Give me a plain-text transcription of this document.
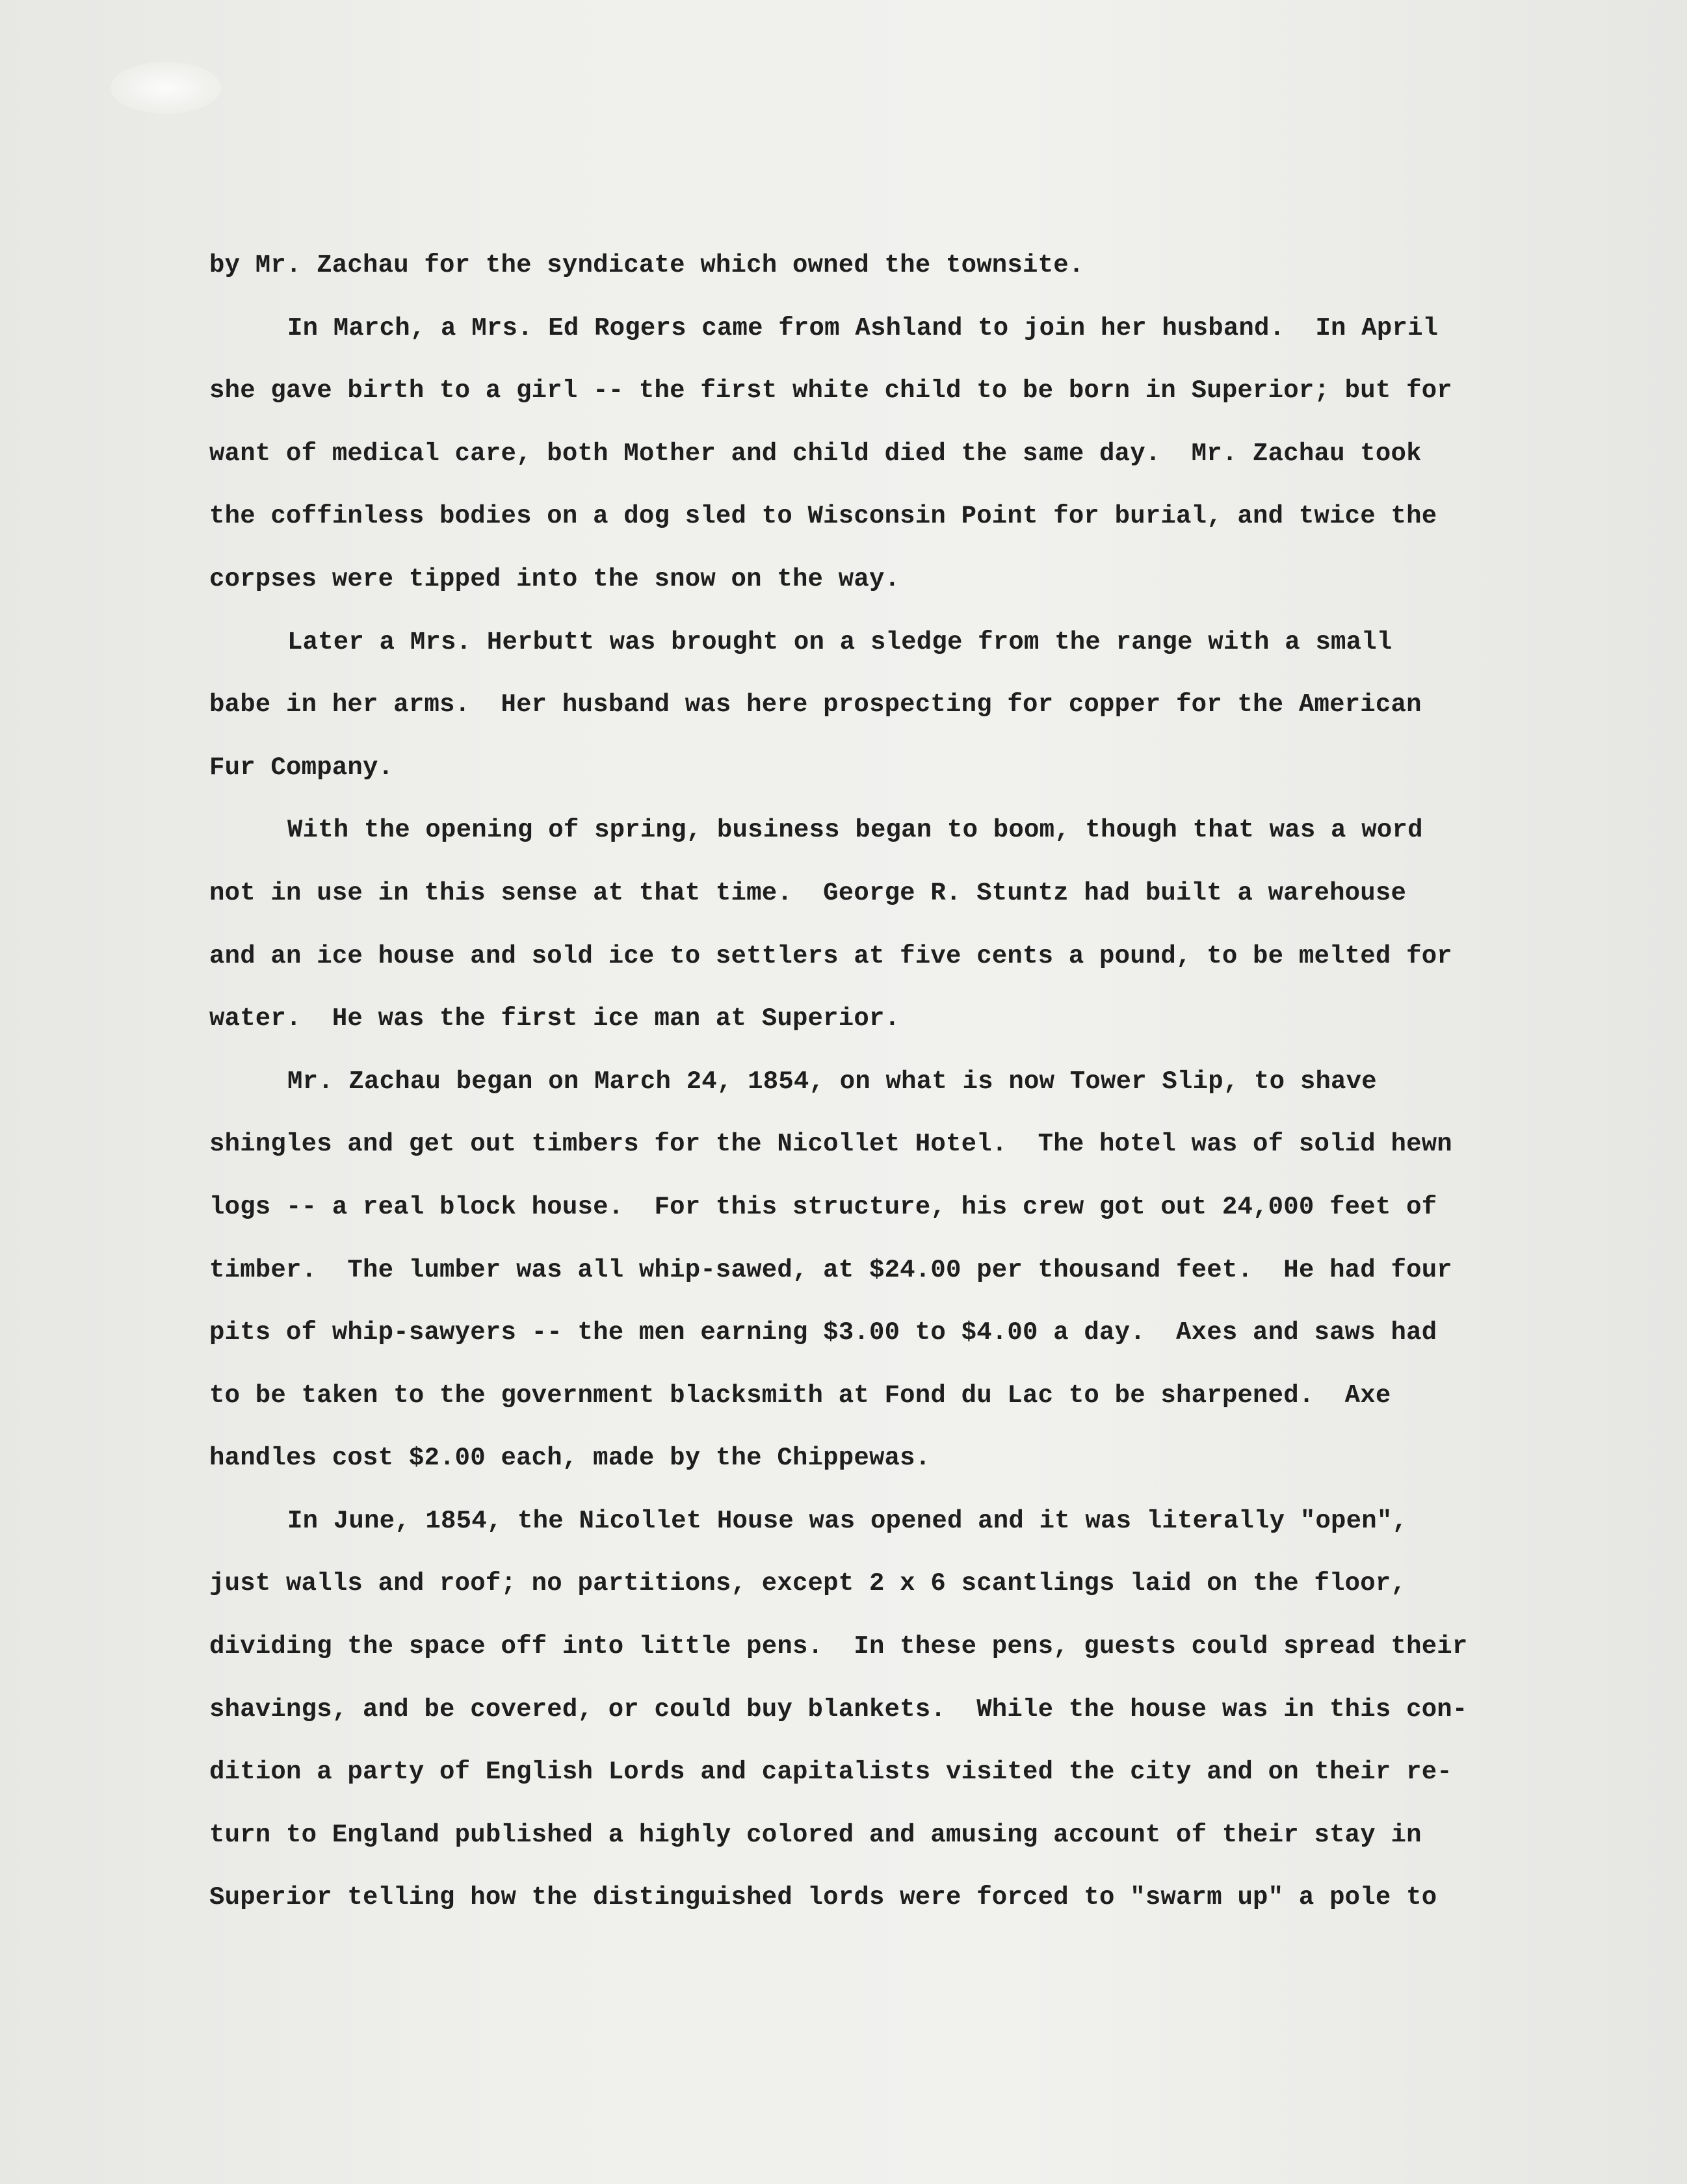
by Mr. Zachau for the syndicate which owned the townsite.

In March, a Mrs. Ed Rogers came from Ashland to join her husband.  In April
she gave birth to a girl -- the first white child to be born in Superior; but for
want of medical care, both Mother and child died the same day.  Mr. Zachau took
the coffinless bodies on a dog sled to Wisconsin Point for burial, and twice the
corpses were tipped into the snow on the way.

Later a Mrs. Herbutt was brought on a sledge from the range with a small
babe in her arms.  Her husband was here prospecting for copper for the American
Fur Company.

With the opening of spring, business began to boom, though that was a word
not in use in this sense at that time.  George R. Stuntz had built a warehouse
and an ice house and sold ice to settlers at five cents a pound, to be melted for
water.  He was the first ice man at Superior.

Mr. Zachau began on March 24, 1854, on what is now Tower Slip, to shave
shingles and get out timbers for the Nicollet Hotel.  The hotel was of solid hewn
logs -- a real block house.  For this structure, his crew got out 24,000 feet of
timber.  The lumber was all whip-sawed, at $24.00 per thousand feet.  He had four
pits of whip-sawyers -- the men earning $3.00 to $4.00 a day.  Axes and saws had
to be taken to the government blacksmith at Fond du Lac to be sharpened.  Axe
handles cost $2.00 each, made by the Chippewas.

In June, 1854, the Nicollet House was opened and it was literally "open",
just walls and roof; no partitions, except 2 x 6 scantlings laid on the floor,
dividing the space off into little pens.  In these pens, guests could spread their
shavings, and be covered, or could buy blankets.  While the house was in this con-
dition a party of English Lords and capitalists visited the city and on their re-
turn to England published a highly colored and amusing account of their stay in
Superior telling how the distinguished lords were forced to "swarm up" a pole to
